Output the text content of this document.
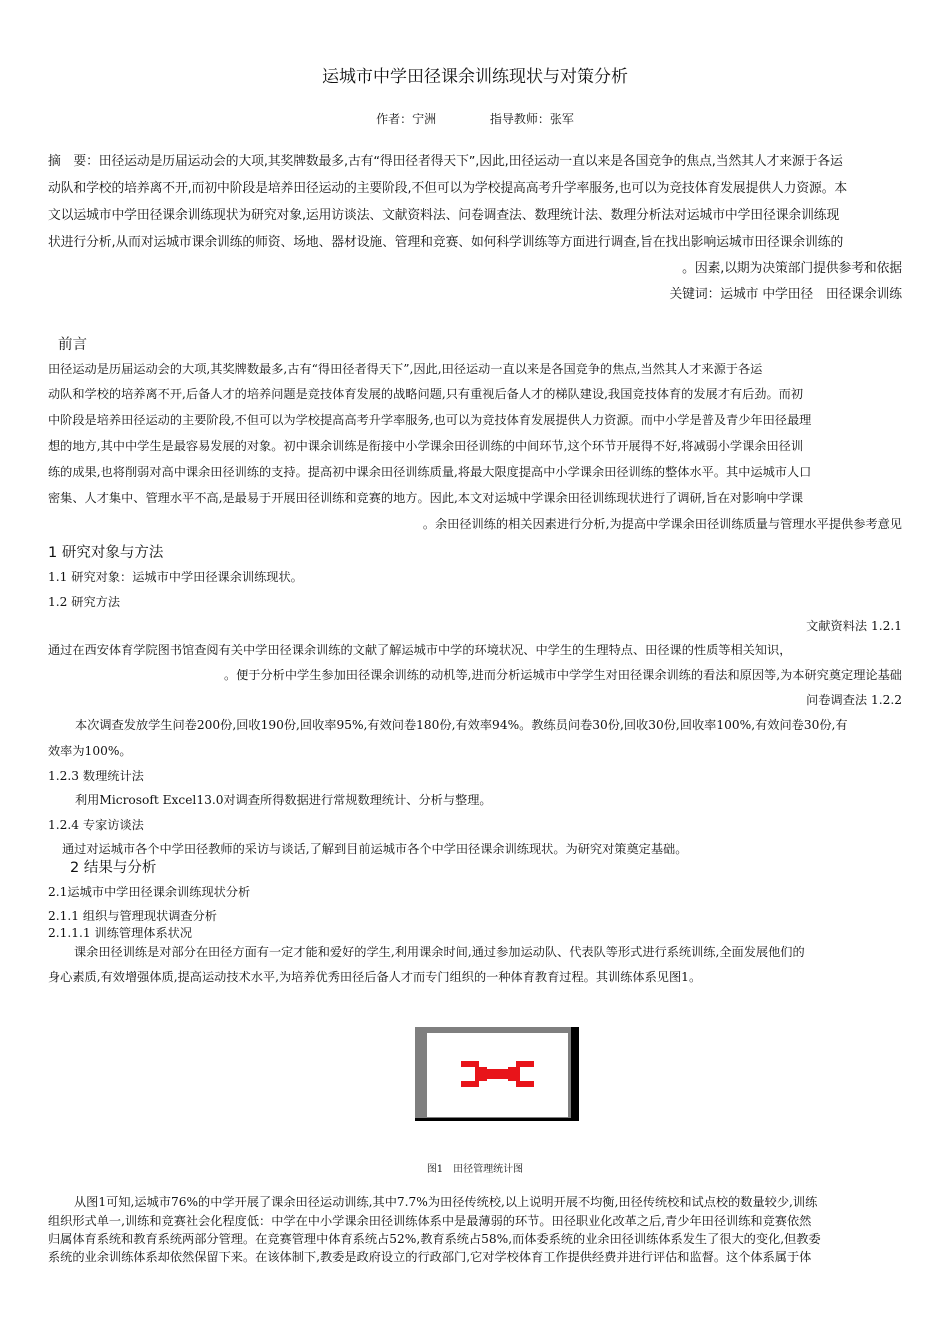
运城市中学田径课余训练现状与对策分析
作者：宁洲	指导教师：张军
摘　要：田径运动是历届运动会的大项,其奖牌数最多,古有“得田径者得天下”,因此,田径运动一直以来是各国竞争的焦点,当然其人才来源于各运
动队和学校的培养离不开,而初中阶段是培养田径运动的主要阶段,不但可以为学校提高高考升学率服务,也可以为竞技体育发展提供人力资源。本
文以运城市中学田径课余训练现状为研究对象,运用访谈法、文献资料法、问卷调查法、数理统计法、数理分析法对运城市中学田径课余训练现
状进行分析,从而对运城市课余训练的师资、场地、器材设施、管理和竞赛、如何科学训练等方面进行调查,旨在找出影响运城市田径课余训练的
。因素,以期为决策部门提供参考和依据
关键词：运城市 中学田径　田径课余训练
前言
田径运动是历届运动会的大项,其奖牌数最多,古有“得田径者得天下”,因此,田径运动一直以来是各国竞争的焦点,当然其人才来源于各运
动队和学校的培养离不开,后备人才的培养问题是竞技体育发展的战略问题,只有重视后备人才的梯队建设,我国竞技体育的发展才有后劲。而初
中阶段是培养田径运动的主要阶段,不但可以为学校提高高考升学率服务,也可以为竞技体育发展提供人力资源。而中小学是普及青少年田径最理
想的地方,其中中学生是最容易发展的对象。初中课余训练是衔接中小学课余田径训练的中间环节,这个环节开展得不好,将减弱小学课余田径训
练的成果,也将削弱对高中课余田径训练的支持。提高初中课余田径训练质量,将最大限度提高中小学课余田径训练的整体水平。其中运城市人口
密集、人才集中、管理水平不高,是最易于开展田径训练和竞赛的地方。因此,本文对运城中学课余田径训练现状进行了调研,旨在对影响中学课
。余田径训练的相关因素进行分析,为提高中学课余田径训练质量与管理水平提供参考意见
1 研究对象与方法
1.1 研究对象：运城市中学田径课余训练现状。
1.2 研究方法
文献资料法 1.2.1
通过在西安体育学院图书馆查阅有关中学田径课余训练的文献了解运城市中学的环境状况、中学生的生理特点、田径课的性质等相关知识，
。便于分析中学生参加田径课余训练的动机等,进而分析运城市中学学生对田径课余训练的看法和原因等,为本研究奠定理论基础
问卷调查法 1.2.2
本次调查发放学生问卷200份,回收190份,回收率95%,有效问卷180份,有效率94%。教练员问卷30份,回收30份,回收率100%,有效问卷30份,有
效率为100%。
1.2.3 数理统计法
利用Microsoft Excel13.0对调查所得数据进行常规数理统计、分析与整理。
1.2.4 专家访谈法
通过对运城市各个中学田径教师的采访与谈话,了解到目前运城市各个中学田径课余训练现状。为研究对策奠定基础。
2 结果与分析
2.1运城市中学田径课余训练现状分析
2.1.1 组织与管理现状调查分析
2.1.1.1 训练管理体系状况
课余田径训练是对部分在田径方面有一定才能和爱好的学生,利用课余时间,通过参加运动队、代表队等形式进行系统训练,全面发展他们的
身心素质,有效增强体质,提高运动技术水平,为培养优秀田径后备人才而专门组织的一种体育教育过程。其训练体系见图1。
图1　田径管理统计图
从图1可知,运城市76%的中学开展了课余田径运动训练,其中7.7%为田径传统校,以上说明开展不均衡,田径传统校和试点校的数量较少,训练
组织形式单一,训练和竞赛社会化程度低：中学在中小学课余田径训练体系中是最薄弱的环节。田径职业化改革之后,青少年田径训练和竞赛依然
归属体育系统和教育系统两部分管理。在竞赛管理中体育系统占52%,教育系统占58%,而体委系统的业余田径训练体系发生了很大的变化,但教委
系统的业余训练体系却依然保留下来。在该体制下,教委是政府设立的行政部门,它对学校体育工作提供经费并进行评估和监督。这个体系属于体
